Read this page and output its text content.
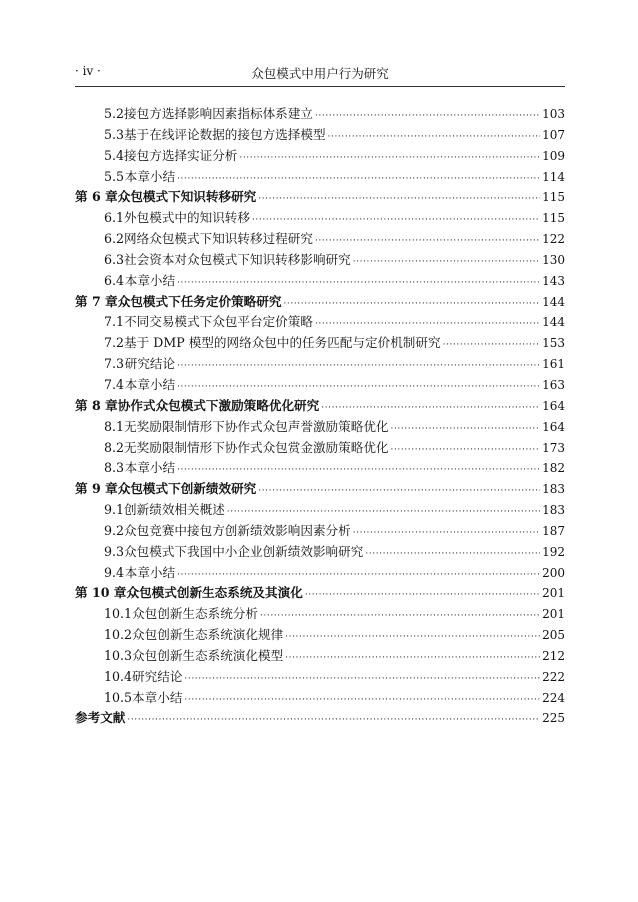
· iv ·	众包模式中用户行为研究
5.2 接包方选择影响因素指标体系建立 ·····	103
5.3 基于在线评论数据的接包方选择模型 ·····	107
5.4 接包方选择实证分析 ·····	109
5.5 本章小结 ·····	114
第 6 章 众包模式下知识转移研究 ·····	115
6.1 外包模式中的知识转移 ·····	115
6.2 网络众包模式下知识转移过程研究 ·····	122
6.3 社会资本对众包模式下知识转移影响研究 ·····	130
6.4 本章小结 ·····	143
第 7 章 众包模式下任务定价策略研究 ·····	144
7.1 不同交易模式下众包平台定价策略 ·····	144
7.2 基于 DMP 模型的网络众包中的任务匹配与定价机制研究 ·····	153
7.3 研究结论 ·····	161
7.4 本章小结 ·····	163
第 8 章 协作式众包模式下激励策略优化研究 ·····	164
8.1 无奖励限制情形下协作式众包声誉激励策略优化 ·····	164
8.2 无奖励限制情形下协作式众包赏金激励策略优化 ·····	173
8.3 本章小结 ·····	182
第 9 章 众包模式下创新绩效研究 ·····	183
9.1 创新绩效相关概述 ·····	183
9.2 众包竞赛中接包方创新绩效影响因素分析 ·····	187
9.3 众包模式下我国中小企业创新绩效影响研究 ·····	192
9.4 本章小结 ·····	200
第 10 章 众包模式创新生态系统及其演化 ·····	201
10.1 众包创新生态系统分析 ·····	201
10.2 众包创新生态系统演化规律 ·····	205
10.3 众包创新生态系统演化模型 ·····	212
10.4 研究结论 ·····	222
10.5 本章小结 ·····	224
参考文献 ·····	225
